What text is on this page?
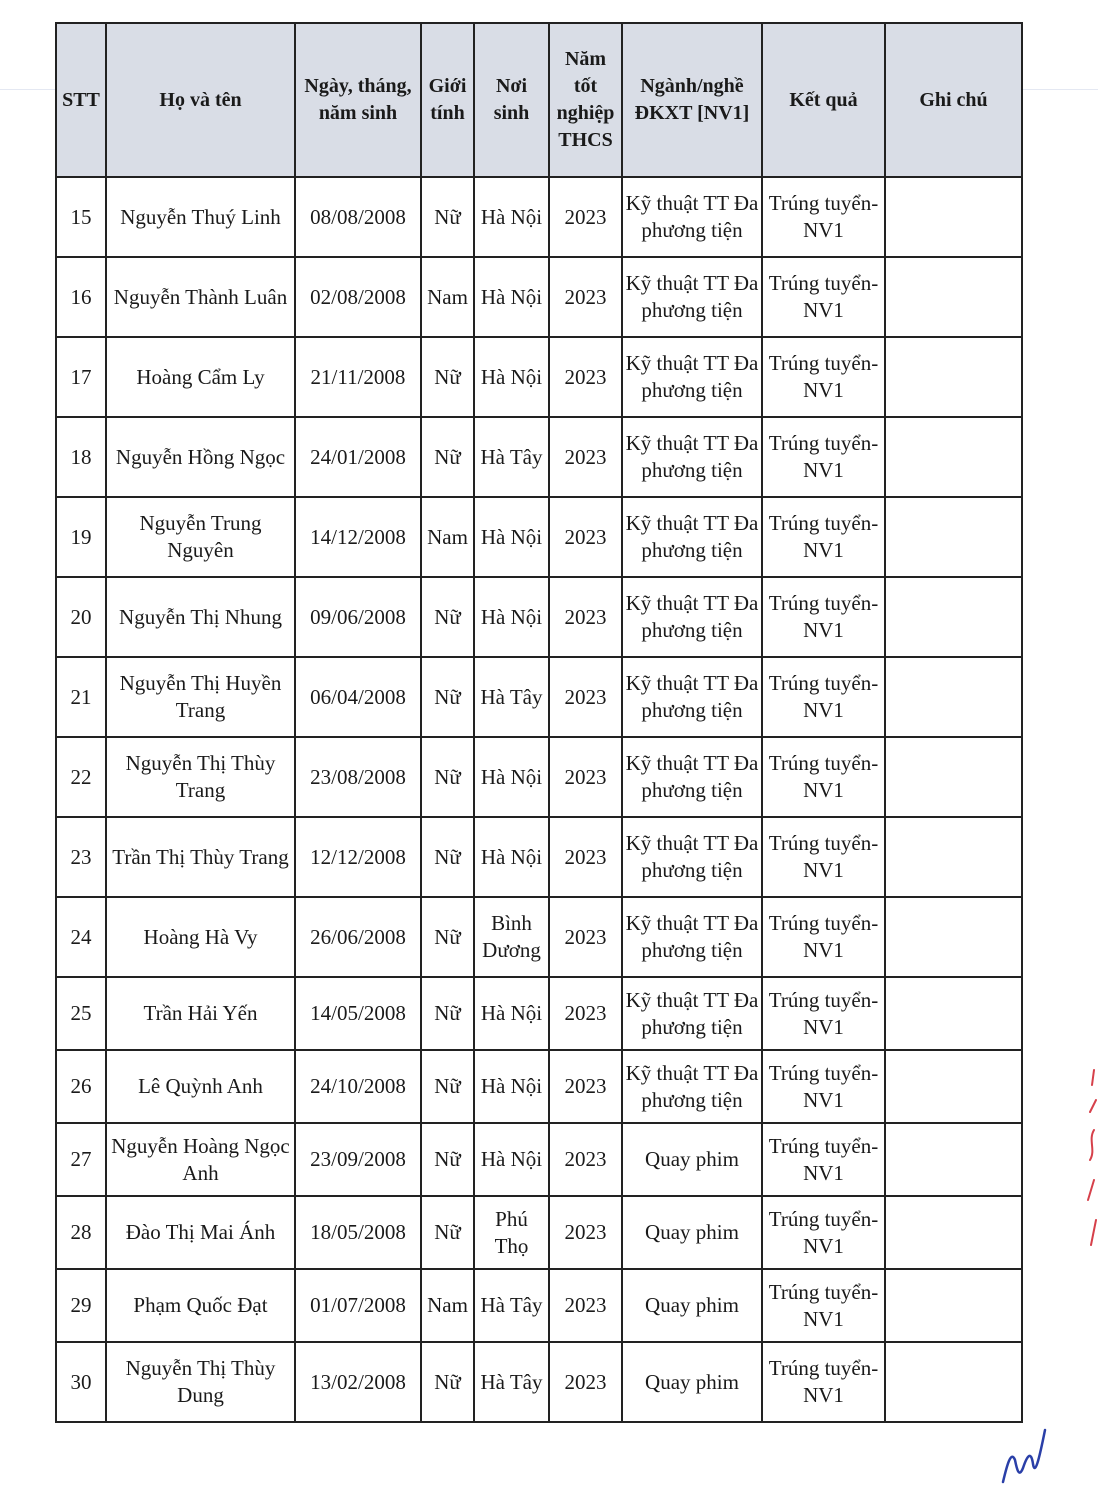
STT	Họ và tên	Ngày, tháng, năm sinh	Giới tính	Nơi sinh	Năm tốt nghiệp THCS	Ngành/nghề ĐKXT [NV1]	Kết quả	Ghi chú
15	Nguyễn Thuý Linh	08/08/2008	Nữ	Hà Nội	2023	Kỹ thuật TT Đa phương tiện	Trúng tuyển-NV1	
16	Nguyễn Thành Luân	02/08/2008	Nam	Hà Nội	2023	Kỹ thuật TT Đa phương tiện	Trúng tuyển-NV1	
17	Hoàng Cẩm Ly	21/11/2008	Nữ	Hà Nội	2023	Kỹ thuật TT Đa phương tiện	Trúng tuyển-NV1	
18	Nguyễn Hồng Ngọc	24/01/2008	Nữ	Hà Tây	2023	Kỹ thuật TT Đa phương tiện	Trúng tuyển-NV1	
19	Nguyễn Trung Nguyên	14/12/2008	Nam	Hà Nội	2023	Kỹ thuật TT Đa phương tiện	Trúng tuyển-NV1	
20	Nguyễn Thị Nhung	09/06/2008	Nữ	Hà Nội	2023	Kỹ thuật TT Đa phương tiện	Trúng tuyển-NV1	
21	Nguyễn Thị Huyền Trang	06/04/2008	Nữ	Hà Tây	2023	Kỹ thuật TT Đa phương tiện	Trúng tuyển-NV1	
22	Nguyễn Thị Thùy Trang	23/08/2008	Nữ	Hà Nội	2023	Kỹ thuật TT Đa phương tiện	Trúng tuyển-NV1	
23	Trần Thị Thùy Trang	12/12/2008	Nữ	Hà Nội	2023	Kỹ thuật TT Đa phương tiện	Trúng tuyển-NV1	
24	Hoàng Hà Vy	26/06/2008	Nữ	Bình Dương	2023	Kỹ thuật TT Đa phương tiện	Trúng tuyển-NV1	
25	Trần Hải Yến	14/05/2008	Nữ	Hà Nội	2023	Kỹ thuật TT Đa phương tiện	Trúng tuyển-NV1	
26	Lê Quỳnh Anh	24/10/2008	Nữ	Hà Nội	2023	Kỹ thuật TT Đa phương tiện	Trúng tuyển-NV1	
27	Nguyễn Hoàng Ngọc Anh	23/09/2008	Nữ	Hà Nội	2023	Quay phim	Trúng tuyển-NV1	
28	Đào Thị Mai Ánh	18/05/2008	Nữ	Phú Thọ	2023	Quay phim	Trúng tuyển-NV1	
29	Phạm Quốc Đạt	01/07/2008	Nam	Hà Tây	2023	Quay phim	Trúng tuyển-NV1	
30	Nguyễn Thị Thùy Dung	13/02/2008	Nữ	Hà Tây	2023	Quay phim	Trúng tuyển-NV1	
